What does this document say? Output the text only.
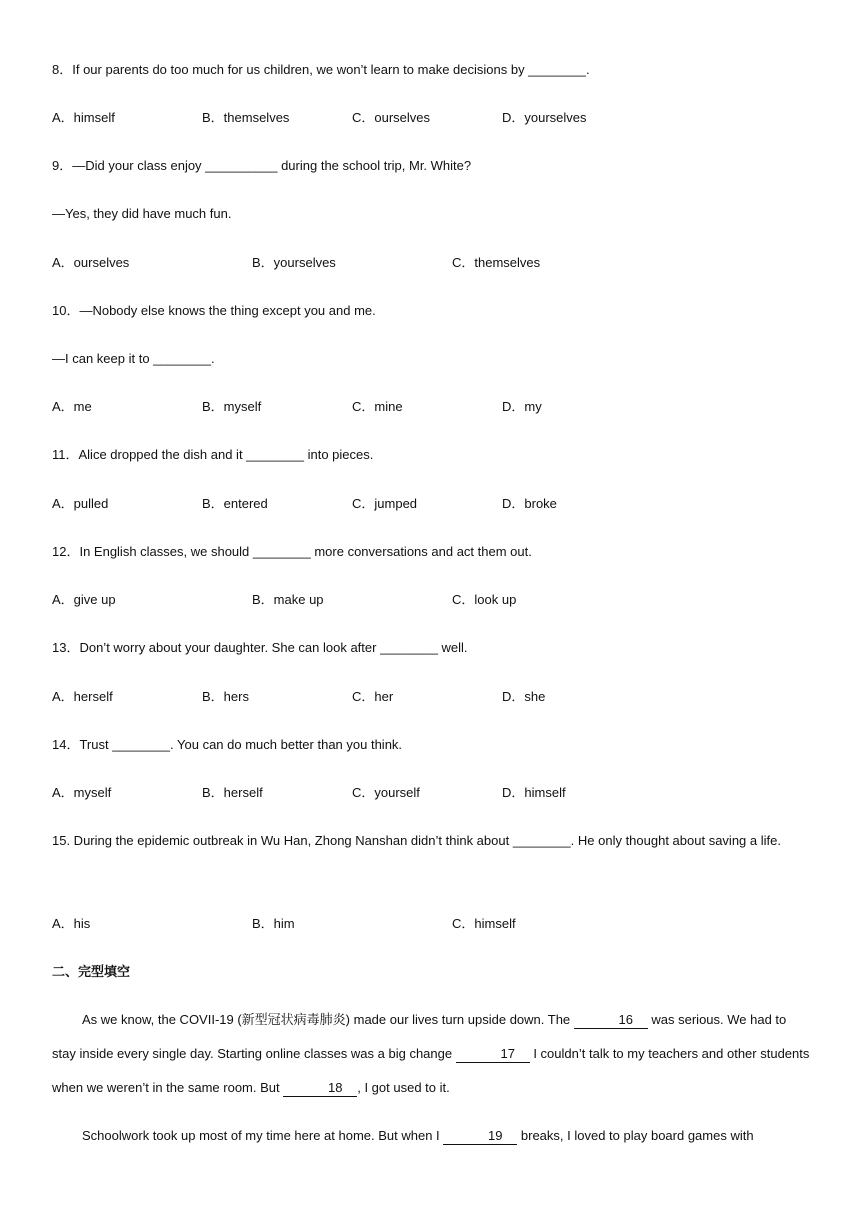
8．If our parents do too much for us children, we won’t learn to make decisions by ________.
A．himself	B．themselves	C．ourselves	D．yourselves
9．—Did your class enjoy __________ during the school trip, Mr. White?
—Yes, they did have much fun.
A．ourselves	B．yourselves	C．themselves
10．—Nobody else knows the thing except you and me.
—I can keep it to ________.
A．me	B．myself	C．mine	D．my
11．Alice dropped the dish and it ________ into pieces.
A．pulled	B．entered	C．jumped	D．broke
12．In English classes, we should ________ more conversations and act them out.
A．give up	B．make up	C．look up
13．Don’t worry about your daughter. She can look after ________ well.
A．herself	B．hers	C．her	D．she
14．Trust ________. You can do much better than you think.
A．myself	B．herself	C．yourself	D．himself
15. During the epidemic outbreak in Wu Han, Zhong Nanshan didn’t think about ________. He only thought about saving a life.
A．his	B．him	C．himself
二、完型填空
As we know, the COVII-19 (新型冠状病毒肺炎) made our lives turn upside down. The	16 was serious. We had to stay inside every single day. Starting online classes was a big change	17 I couldn’t talk to my teachers and other students when we weren’t in the same room. But	18 , I got used to it.
Schoolwork took up most of my time here at home. But when I	19 breaks, I loved to play board games with
